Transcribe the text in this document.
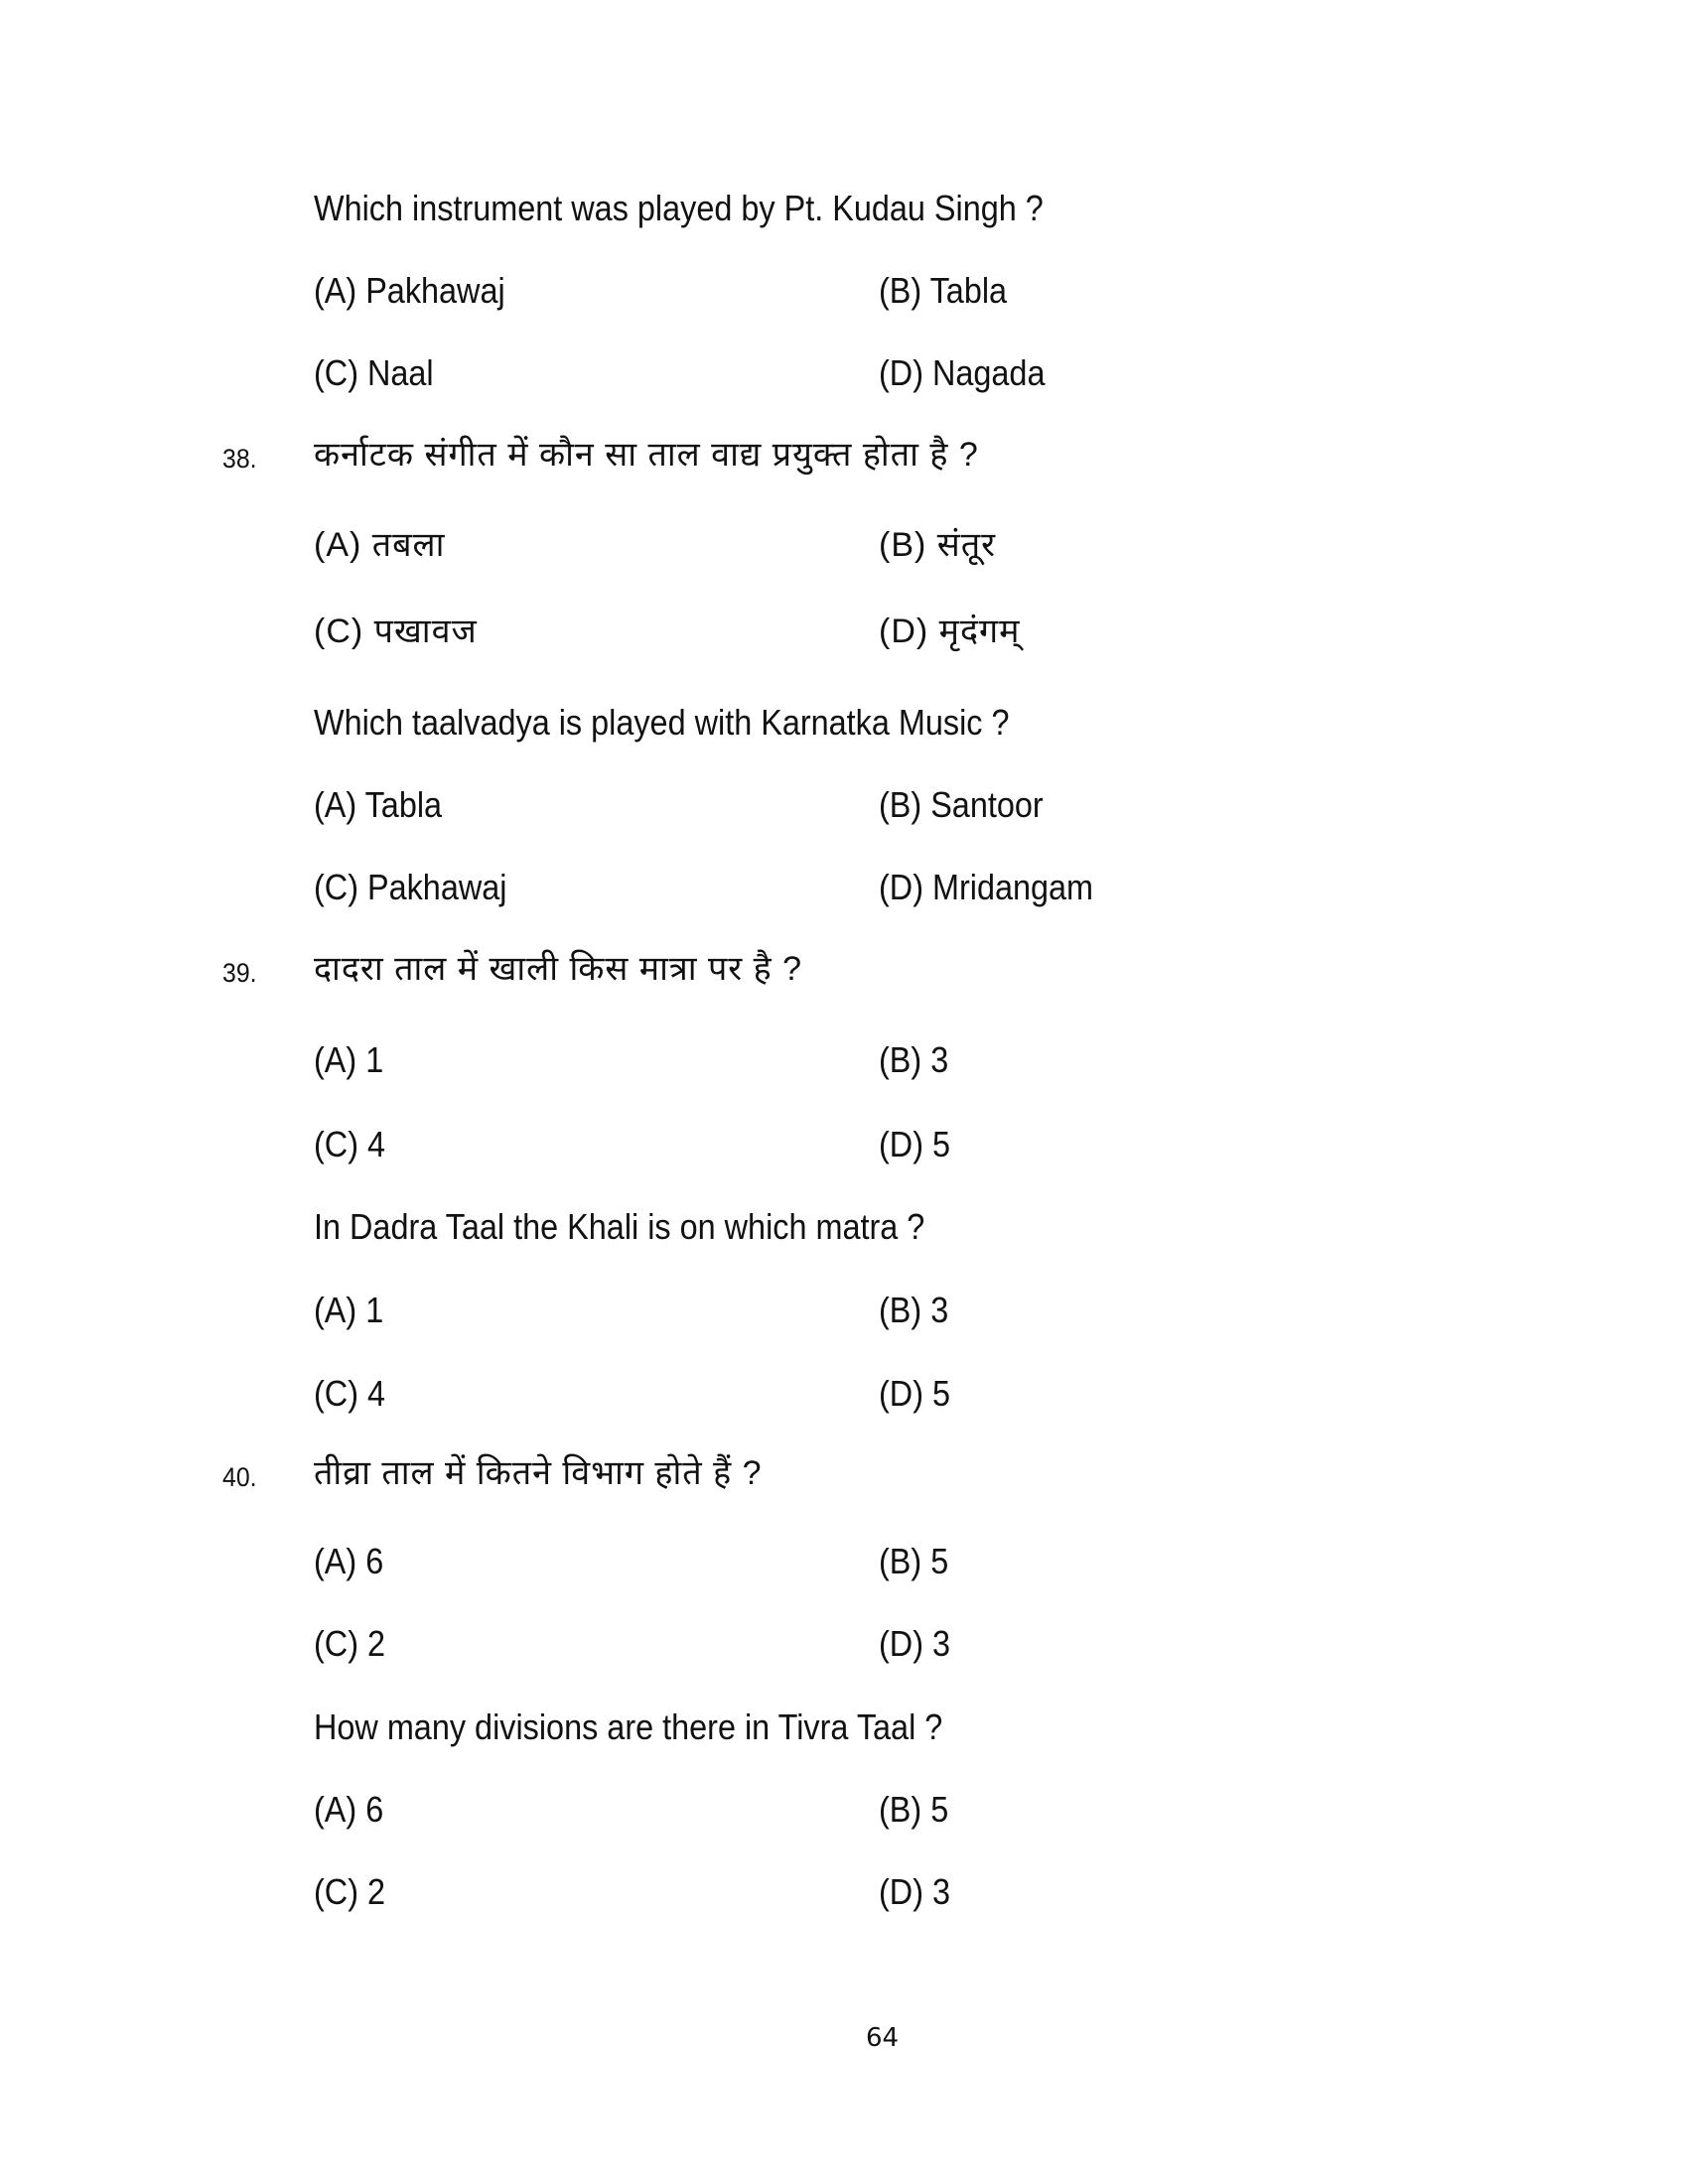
Which instrument was played by Pt. Kudau Singh ?
(A) Pakhawaj	(B) Tabla
(C) Naal	(D) Nagada
38. कर्नाटक संगीत में कौन सा ताल वाद्य प्रयुक्त होता है ?
(A) तबला	(B) संतूर
(C) पखावज	(D) मृदंगम्
Which taalvadya is played with Karnatka Music ?
(A) Tabla	(B) Santoor
(C) Pakhawaj	(D) Mridangam
39. दादरा ताल में खाली किस मात्रा पर है ?
(A) 1	(B) 3
(C) 4	(D) 5
In Dadra Taal the Khali is on which matra ?
(A) 1	(B) 3
(C) 4	(D) 5
40. तीव्रा ताल में कितने विभाग होते हैं ?
(A) 6	(B) 5
(C) 2	(D) 3
How many divisions are there in Tivra Taal ?
(A) 6	(B) 5
(C) 2	(D) 3
64
